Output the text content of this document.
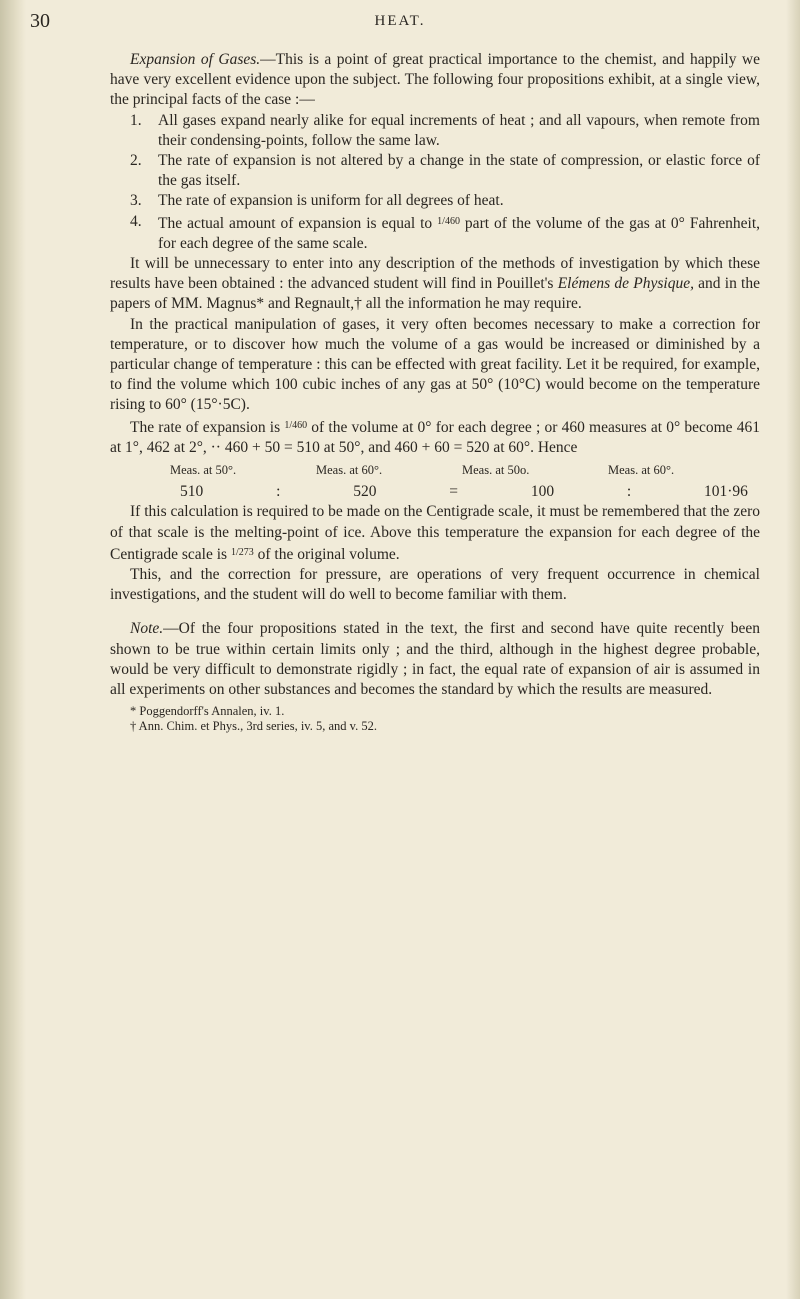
30	HEAT.

Expansion of Gases.—This is a point of great practical importance to the chemist, and happily we have very excellent evidence upon the subject. The following four propositions exhibit, at a single view, the principal facts of the case :—

1. All gases expand nearly alike for equal increments of heat ; and all vapours, when remote from their condensing-points, follow the same law.
2. The rate of expansion is not altered by a change in the state of compression, or elastic force of the gas itself.
3. The rate of expansion is uniform for all degrees of heat.
4. The actual amount of expansion is equal to $^{1/460}$ part of the volume of the gas at 0° Fahrenheit, for each degree of the same scale.

It will be unnecessary to enter into any description of the methods of investigation by which these results have been obtained : the advanced student will find in Pouillet's Elémens de Physique, and in the papers of MM. Magnus* and Regnault,† all the information he may require.

In the practical manipulation of gases, it very often becomes necessary to make a correction for temperature, or to discover how much the volume of a gas would be increased or diminished by a particular change of temperature : this can be effected with great facility. Let it be required, for example, to find the volume which 100 cubic inches of any gas at 50° (10°C) would become on the temperature rising to 60° (15°·5C).

The rate of expansion is $^{1/460}$ of the volume at 0° for each degree ; or 460 measures at 0° become 461 at 1°, 462 at 2°, ·· 460 + 50 = 510 at 50°, and 460 + 60 = 520 at 60°. Hence

Meas. at 50°.	Meas. at 60°.	Meas. at 50o.	Meas. at 60°.
510	:	520	=	100	:	101·96

If this calculation is required to be made on the Centigrade scale, it must be remembered that the zero of that scale is the melting-point of ice. Above this temperature the expansion for each degree of the Centigrade scale is $^{1/273}$ of the original volume.

This, and the correction for pressure, are operations of very frequent occurrence in chemical investigations, and the student will do well to become familiar with them.

Note.—Of the four propositions stated in the text, the first and second have quite recently been shown to be true within certain limits only ; and the third, although in the highest degree probable, would be very difficult to demonstrate rigidly ; in fact, the equal rate of expansion of air is assumed in all experiments on other substances and becomes the standard by which the results are measured.

* Poggendorff's Annalen, iv. 1.
† Ann. Chim. et Phys., 3rd series, iv. 5, and v. 52.
